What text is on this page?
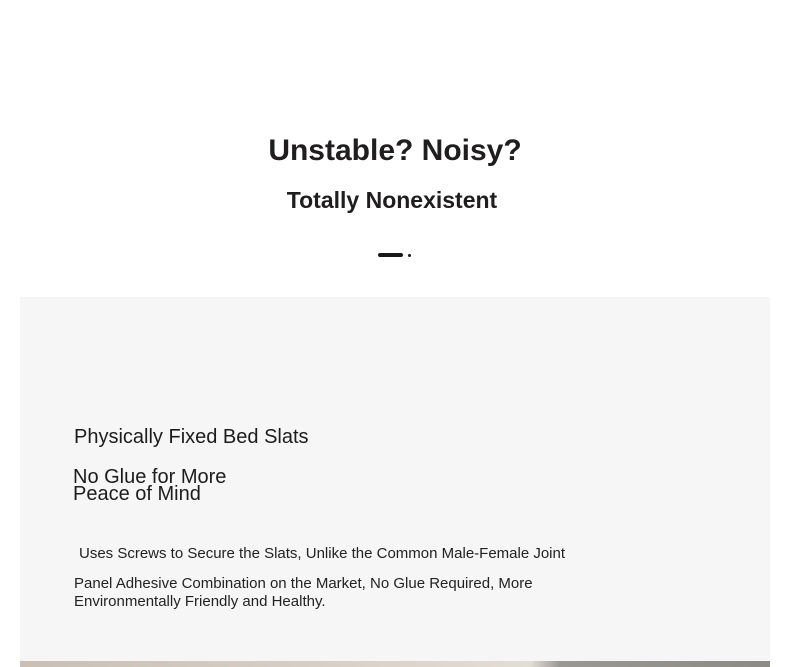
Unstable? Noisy?
Totally Nonexistent
Physically Fixed Bed Slats
No Glue for More
Peace of Mind

Uses Screws to Secure the Slats, Unlike the Common Male-Female Joint

Panel Adhesive Combination on the Market, No Glue Required, More Environmentally Friendly and Healthy.
